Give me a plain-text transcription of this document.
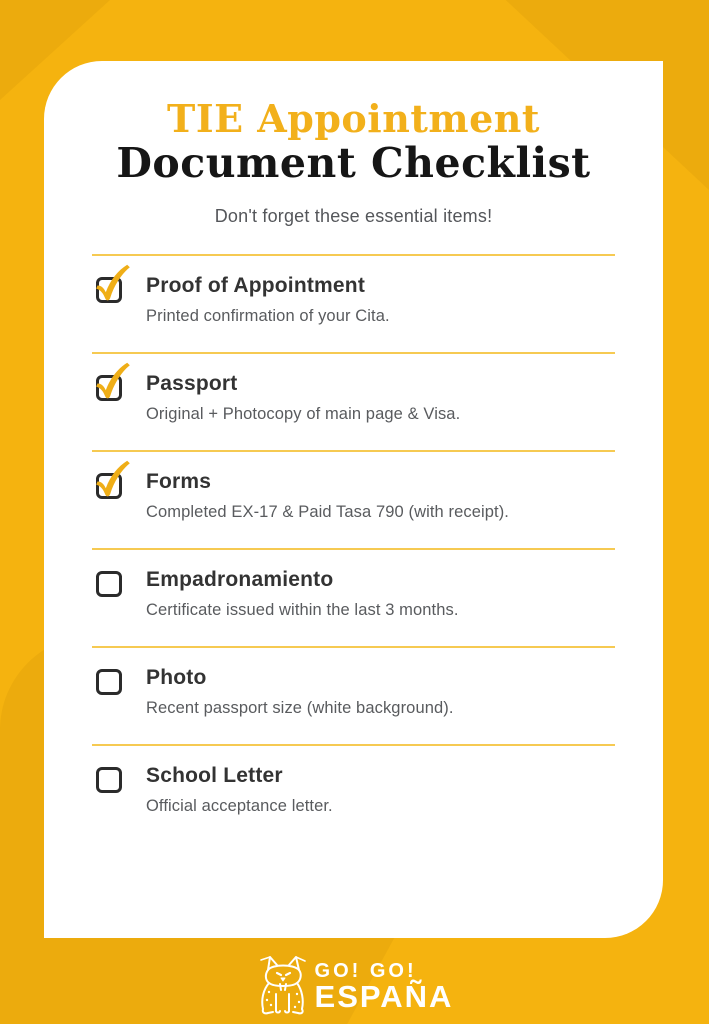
TIE Appointment
Document Checklist
Don't forget these essential items!
Proof of Appointment
Printed confirmation of your Cita.
Passport
Original + Photocopy of main page & Visa.
Forms
Completed EX-17 & Paid Tasa 790 (with receipt).
Empadronamiento
Certificate issued within the last 3 months.
Photo
Recent passport size (white background).
School Letter
Official acceptance letter.
GO! GO!
ESPAÑA
